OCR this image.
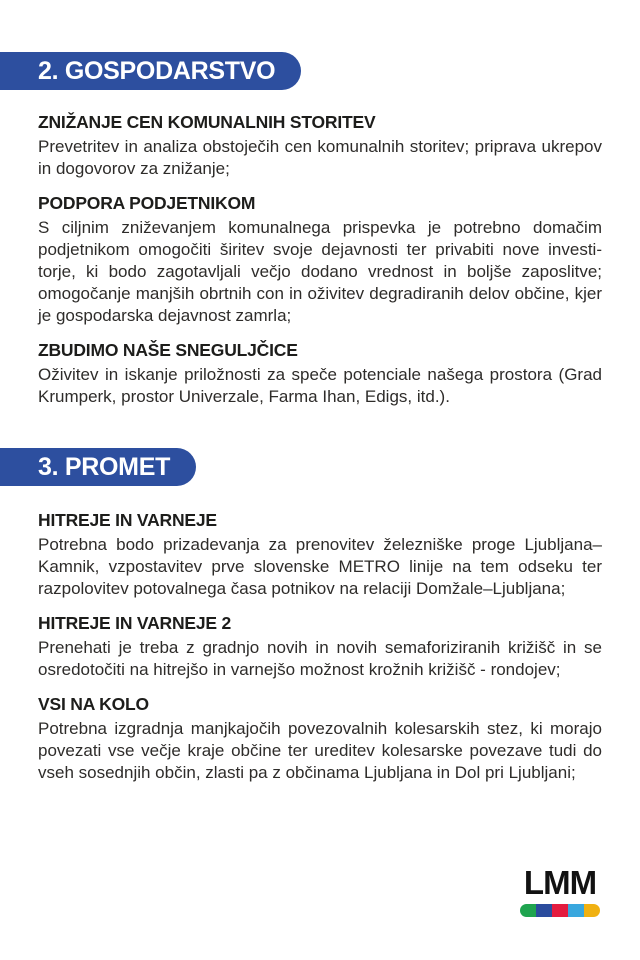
2. GOSPODARSTVO
ZNIŽANJE CEN KOMUNALNIH STORITEV

Prevetritev in analiza obstoječih cen komunalnih storitev; priprava ukrepov in dogovorov za znižanje;

PODPORA PODJETNIKOM

S ciljnim zniževanjem komunalnega prispevka je potrebno domačim podjetnikom omogočiti širitev svoje dejavnosti ter privabiti nove investitorje, ki bodo zagotavljali večjo dodano vrednost in boljše zaposlitve; omogočanje manjših obrtnih con in oživitev degradiranih delov občine, kjer je gospodarska dejavnost zamrla;

ZBUDIMO NAŠE SNEGULJČICE

Oživitev in iskanje priložnosti za speče potenciale našega prostora (Grad Krumperk, prostor Univerzale, Farma Ihan, Edigs, itd.).

3. PROMET
HITREJE IN VARNEJE

Potrebna bodo prizadevanja za prenovitev železniške proge Ljubljana–Kamnik, vzpostavitev prve slovenske METRO linije na tem odseku ter razpolovitev potovalnega časa potnikov na relaciji Domžale–Ljubljana;

HITREJE IN VARNEJE 2

Prenehati je treba z gradnjo novih in novih semaforiziranih križišč in se osredotočiti na hitrejšo in varnejšo možnost krožnih križišč - rondojev;

VSI NA KOLO

Potrebna izgradnja manjkajočih povezovalnih kolesarskih stez, ki morajo povezati vse večje kraje občine ter ureditev kolesarske povezave tudi do vseh sosednjih občin, zlasti pa z občinama Ljubljana in Dol pri Ljubljani;

LMM
